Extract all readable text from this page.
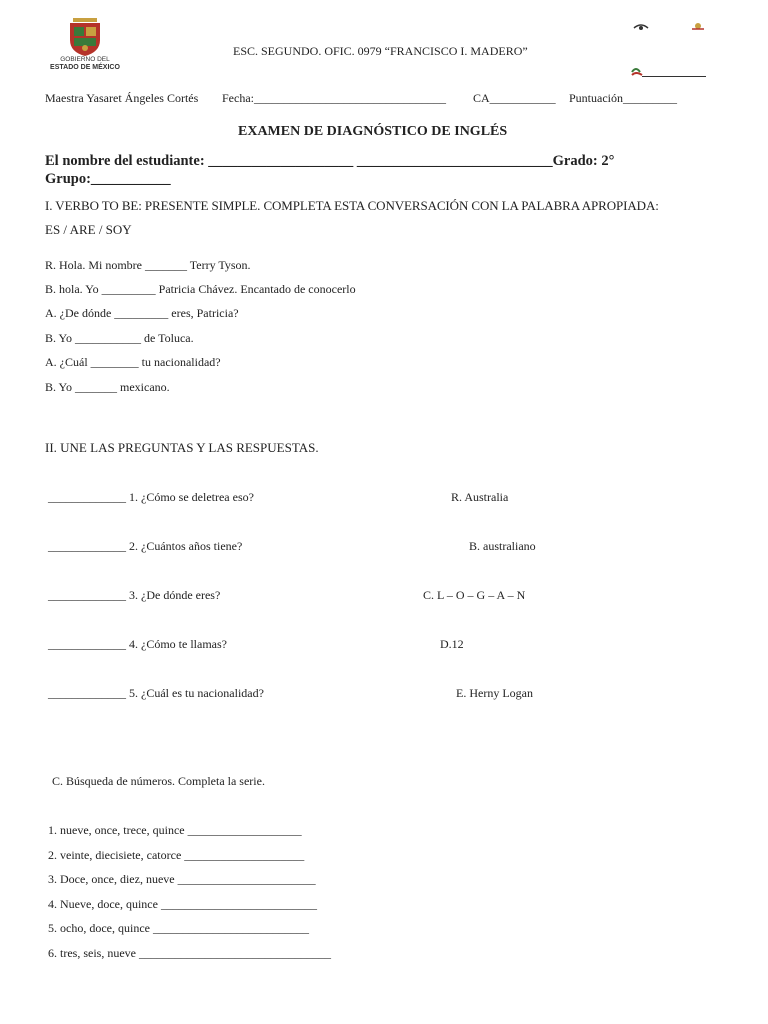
GOBIERNO DEL
ESTADO DE MÉXICO
ESC. SEGUNDO. OFIC. 0979 “FRANCISCO I. MADERO”
Maestra Yasaret Ángeles Cortés Fecha:________________________________ CA___________ Puntuación_________
EXAMEN DE DIAGNÓSTICO DE INGLÉS
El nombre del estudiante: ____________________ ___________________________Grado: 2°
Grupo:___________
I. VERBO TO BE: PRESENTE SIMPLE. COMPLETA ESTA CONVERSACIÓN CON LA PALABRA APROPIADA:
ES / ARE / SOY
R. Hola. Mi nombre _______ Terry Tyson.
B. hola. Yo _________ Patricia Chávez. Encantado de conocerlo
A. ¿De dónde _________ eres, Patricia?
B. Yo ___________ de Toluca.
A. ¿Cuál ________ tu nacionalidad?
B. Yo _______ mexicano.
II. UNE LAS PREGUNTAS Y LAS RESPUESTAS.
_____________ 1. ¿Cómo se deletrea eso?
_____________ 2. ¿Cuántos años tiene?
_____________ 3. ¿De dónde eres?
_____________ 4. ¿Cómo te llamas?
_____________ 5. ¿Cuál es tu nacionalidad?
R. Australia
B. australiano
C. L – O – G – A – N
D.12
E. Herny Logan
C. Búsqueda de números. Completa la serie.
1. nueve, once, trece, quince ___________________
2. veinte, diecisiete, catorce ____________________
3. Doce, once, diez, nueve _______________________
4. Nueve, doce, quince __________________________
5. ocho, doce, quince __________________________
6. tres, seis, nueve ________________________________
